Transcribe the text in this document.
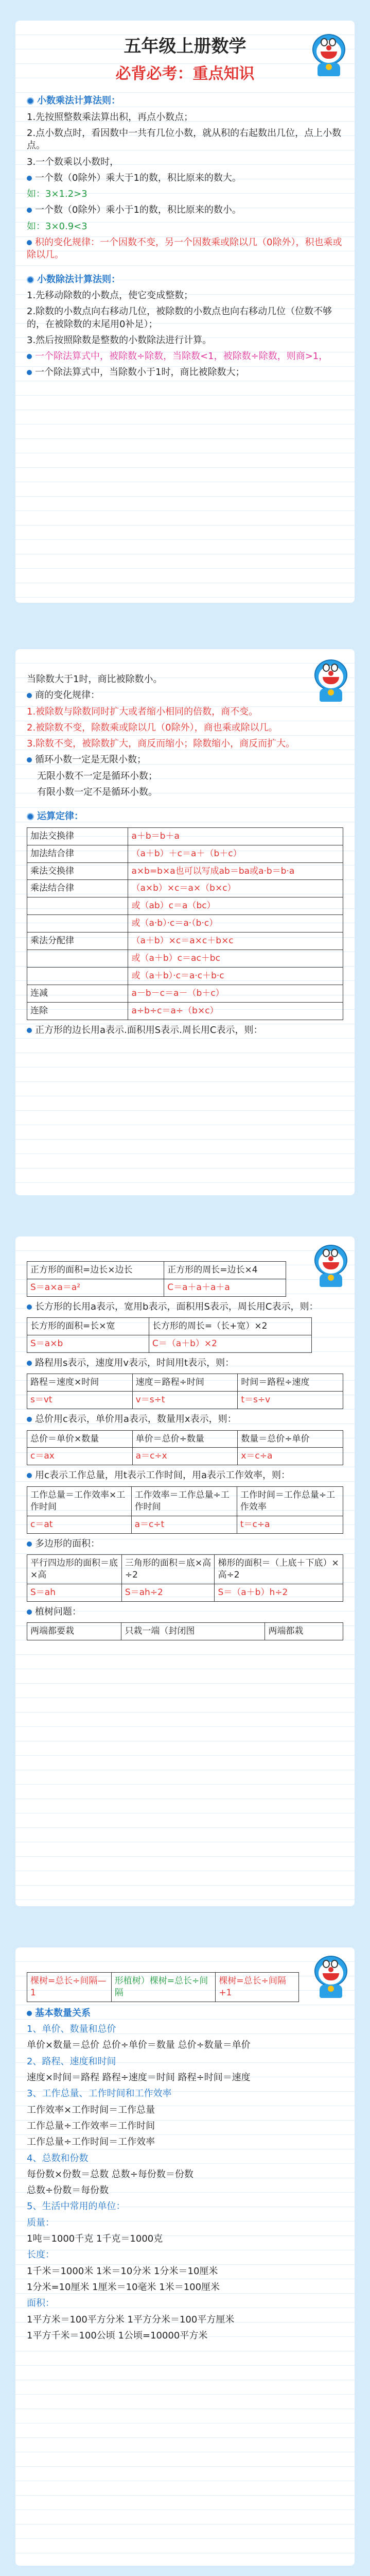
五年级上册数学
必背必考：重点知识
小数乘法计算法则：
1.先按照整数乘法算出积，再点小数点；
2.点小数点时，看因数中一共有几位小数，就从积的右起数出几位，点上小数点。
3.一个数乘以小数时，
一个数（0除外）乘大于1的数，积比原来的数大。
如：3×1.2>3
一个数（0除外）乘小于1的数，积比原来的数小。
如：3×0.9<3
积的变化规律：一个因数不变，另一个因数乘或除以几（0除外），积也乘或除以几。
小数除法计算法则：
1.先移动除数的小数点，使它变成整数；
2.除数的小数点向右移动几位，被除数的小数点也向右移动几位（位数不够的，在被除数的末尾用0补足）；
3.然后按照除数是整数的小数除法进行计算。
一个除法算式中，被除数÷除数，当除数<1，被除数÷除数，则商>1，
一个除法算式中，当除数小于1时，商比被除数大；
当除数大于1时，商比被除数小。
商的变化规律：
1.被除数与除数同时扩大或者缩小相同的倍数，商不变。
2.被除数不变，除数乘或除以几（0除外），商也乘或除以几。
3.除数不变，被除数扩大，商反而缩小；除数缩小，商反而扩大。
循环小数一定是无限小数；
无限小数不一定是循环小数；
有限小数一定不是循环小数。
运算定律：
加法交换律	a＋b＝b＋a
加法结合律	（a＋b）＋c＝a＋（b＋c）
乘法交换律	a×b=b×a也可以写成ab＝ba或a·b＝b·a
乘法结合律	（a×b）×c＝a×（b×c）
	或（ab）c＝a（bc）
	或（a·b）·c＝a·（b·c）
乘法分配律	（a＋b）×c＝a×c＋b×c
	或（a＋b）c＝ac＋bc
	或（a＋b）·c＝a·c＋b·c
连减	a－b－c＝a－（b＋c）
连除	a÷b÷c＝a÷（b×c）
正方形的边长用a表示.面积用S表示.周长用C表示，则：
正方形的面积=边长×边长	正方形的周长=边长×4
S＝a×a＝a²	C＝a＋a＋a＋a
长方形的长用a表示，宽用b表示，面积用S表示，周长用C表示，则：
长方形的面积=长×宽	长方形的周长=（长+宽）×2
S＝a×b	C＝（a＋b）×2
路程用s表示，速度用v表示，时间用t表示，则：
路程＝速度×时间	速度＝路程÷时间	时间＝路程÷速度
s＝vt	v＝s÷t	t＝s÷v
总价用c表示，单价用a表示，数量用x表示，则：
总价＝单价×数量	单价＝总价÷数量	数量＝总价÷单价
c＝ax	a＝c÷x	x＝c÷a
用c表示工作总量，用t表示工作时间，用a表示工作效率，则：
工作总量＝工作效率×工作时间	工作效率＝工作总量÷工作时间	工作时间＝工作总量÷工作效率
c＝at	a＝c÷t	t＝c÷a
多边形的面积：
平行四边形的面积＝底×高	三角形的面积＝底×高÷2	梯形的面积＝（上底＋下底）×高÷2
S＝ah	S＝ah÷2	S＝（a＋b）h÷2
植树问题：
两端都要栽	只栽一端（封闭图	两端都栽
棵树=总长÷间隔—1	形植树）棵树=总长÷间隔	棵树=总长÷间隔+1
基本数量关系
1、单价、数量和总价
单价×数量＝总价 总价÷单价＝数量 总价÷数量＝单价
2、路程、速度和时间
速度×时间＝路程 路程÷速度＝时间 路程÷时间＝速度
3、工作总量、工作时间和工作效率
工作效率×工作时间＝工作总量
工作总量÷工作效率＝工作时间
工作总量÷工作时间＝工作效率
4、总数和份数
每份数×份数＝总数 总数÷每份数＝份数
总数÷份数＝每份数
5、生活中常用的单位：
质量：
1吨＝1000千克 1千克＝1000克
长度：
1千米＝1000米 1米＝10分米 1分米＝10厘米
1分米=10厘米 1厘米＝10毫米 1米＝100厘米
面积：
1平方米＝100平方分米 1平方分米＝100平方厘米
1平方千米＝100公顷 1公顷=10000平方米
